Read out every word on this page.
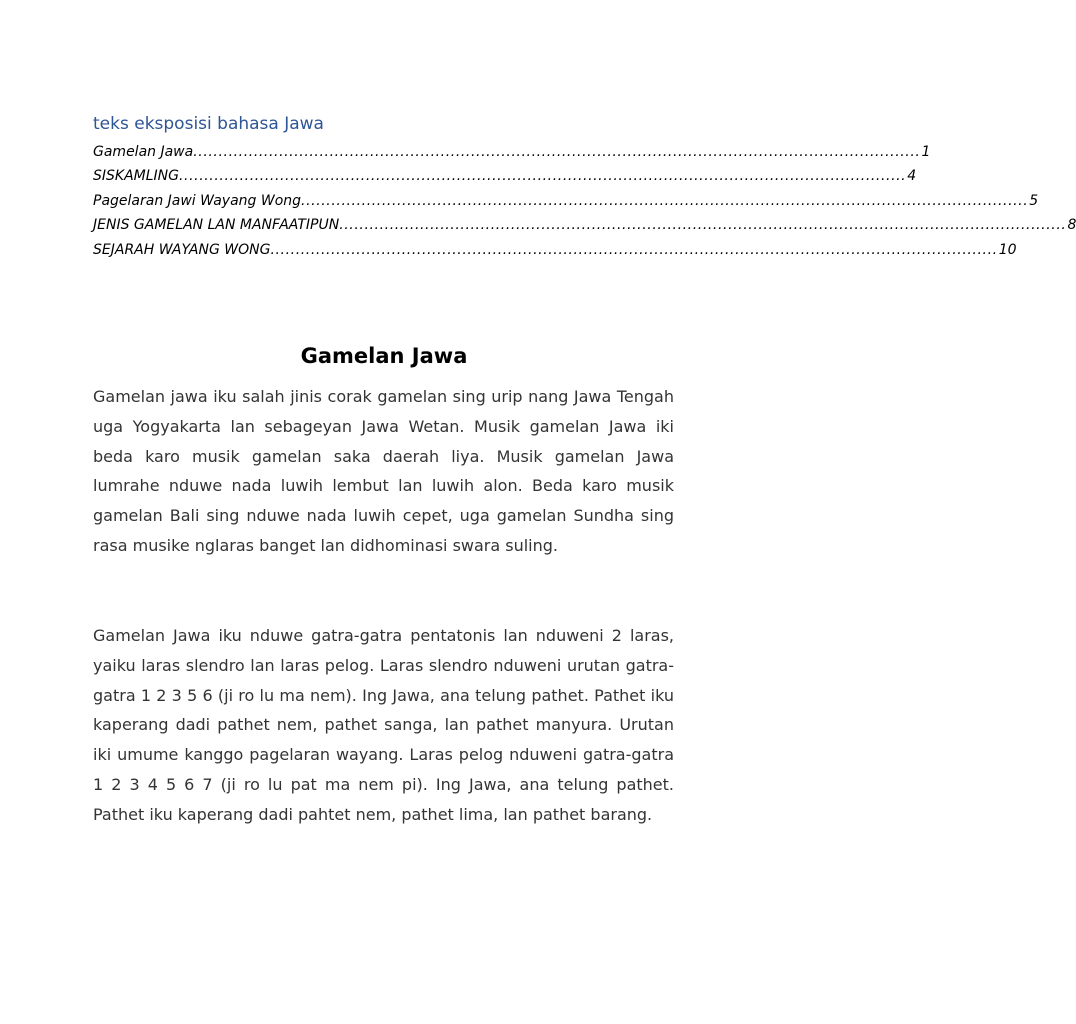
teks eksposisi bahasa Jawa
Gamelan Jawa ................................................................................................................................................ 1
SISKAMLING ................................................................................................................................................ 4
Pagelaran Jawi Wayang Wong ................................................................................................................................................ 5
JENIS GAMELAN LAN MANFAATIPUN ................................................................................................................................................ 8
SEJARAH WAYANG WONG ................................................................................................................................................ 10
Gamelan Jawa

Gamelan jawa iku salah jinis corak gamelan sing urip nang Jawa Tengah uga Yogyakarta lan sebageyan Jawa Wetan. Musik gamelan Jawa iki beda karo musik gamelan saka daerah liya. Musik gamelan Jawa lumrahe nduwe nada luwih lembut lan luwih alon. Beda karo musik gamelan Bali sing nduwe nada luwih cepet, uga gamelan Sundha sing rasa musike nglaras banget lan didhominasi swara suling.

Gamelan Jawa iku nduwe gatra-gatra pentatonis lan nduweni 2 laras, yaiku laras slendro lan laras pelog. Laras slendro nduweni urutan gatra-gatra 1 2 3 5 6 (ji ro lu ma nem). Ing Jawa, ana telung pathet. Pathet iku kaperang dadi pathet nem, pathet sanga, lan pathet manyura. Urutan iki umume kanggo pagelaran wayang. Laras pelog nduweni gatra-gatra 1 2 3 4 5 6 7 (ji ro lu pat ma nem pi). Ing Jawa, ana telung pathet. Pathet iku kaperang dadi pahtet nem, pathet lima, lan pathet barang.
